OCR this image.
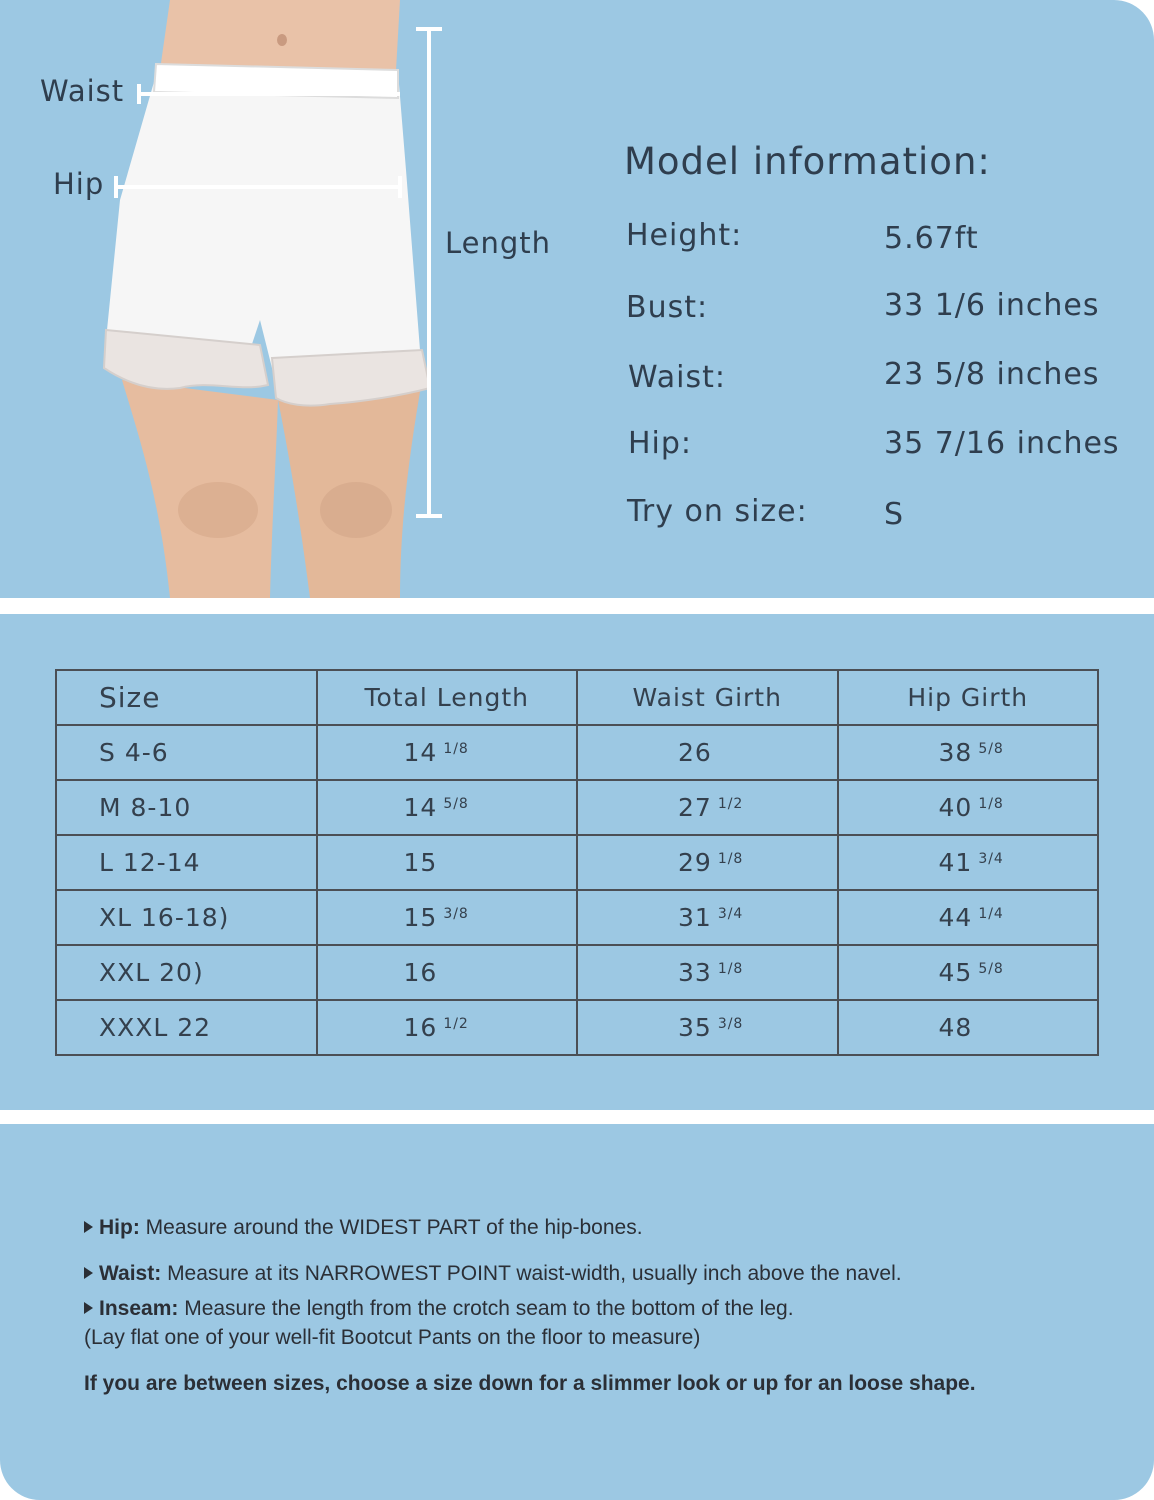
Waist
Hip
Length
Model information:
Height:	5.67ft
Bust:	33 1/6 inches
Waist:	23 5/8 inches
Hip:	35 7/16 inches
Try on size:	S
Size	Total Length	Waist Girth	Hip Girth
S 4-6	14 $^{1/8}$	26	38 $^{5/8}$
M 8-10	14 $^{5/8}$	27 $^{1/2}$	40 $^{1/8}$
L 12-14	15	29 $^{1/8}$	41 $^{3/4}$
XL 16-18)	15 $^{3/8}$	31 $^{3/4}$	44 $^{1/4}$
XXL 20)	16	33 $^{1/8}$	45 $^{5/8}$
XXXL 22	16 $^{1/2}$	35 $^{3/8}$	48
Hip: Measure around the WIDEST PART of the hip-bones.
Waist: Measure at its NARROWEST POINT waist-width, usually inch above the navel.
Inseam: Measure the length from the crotch seam to the bottom of the leg.
(Lay flat one of your well-fit Bootcut Pants on the floor to measure)
If you are between sizes, choose a size down for a slimmer look or up for an loose shape.
